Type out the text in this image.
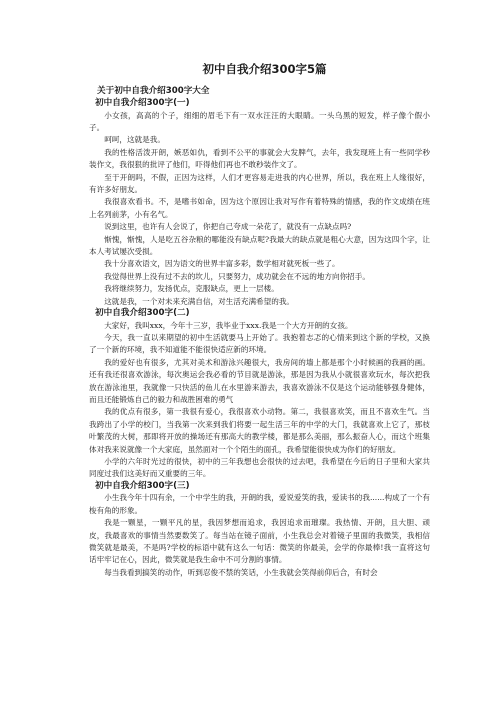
初中自我介绍300字5篇
关于初中自我介绍300字大全
初中自我介绍300字(一)

小女孩，高高的个子，细细的眉毛下有一双水汪汪的大眼睛。一头乌黑的短发，样子像个假小子。

呵呵，这就是我。

我的性格活泼开朗，嫉恶如仇，看到不公平的事就会大发脾气，去年，我发现班上有一些同学秒装作文，我很狠的批评了他们，吓得他们再也不敢秒装作文了。

至于开朗吗，不假，正因为这样，人们才更容易走进我的内心世界，所以，我在班上人缘很好，有许多好朋友。

我很喜欢看书。不，是嗜书如命，因为这个原因让我对写作有着特殊的情感，我的作文成绩在班上名列前茅，小有名气。

说到这里，也许有人会说了，你把自己夸成一朵花了，就没有一点缺点吗?

惭愧，惭愧，人是吃五谷杂粮的哪能没有缺点呢?我最大的缺点就是粗心大意，因为这四个字，让本人考试屡次受损。

我十分喜欢语文，因为语文的世界丰富多彩，数学相对就死板一些了。

我觉得世界上没有过不去的坎儿，只要努力，成功就会在不远的地方向你招手。

我将继续努力，发扬优点，克服缺点，更上一层楼。

这就是我，一个对未来充满自信，对生活充满希望的我。

初中自我介绍300字(二)

大家好，我叫xxx，今年十三岁，我毕业于xxx.我是一个大方开朗的女孩。

今天，我一直以来期望的初中生活就要马上开始了。我抱着志忑的心情来到这个新的学校，又换了一个新的环境，我不知道能不能很快适应新的环境。

我的爱好也有很多，尤其对美术和游泳兴趣很大，我房间的墙上都是那个小时候画的我画的画。还有我还很喜欢游泳，每次奥运会我必看的节目就是游泳，那是因为我从小就很喜欢玩水，每次把我放在游泳池里，我就像一只快活的鱼儿在水里游来游去，我喜欢游泳不仅是这个运动能够强身健体，而且还能锻炼自己的毅力和战胜困难的勇气

我的优点有很多，第一我很有爱心，我很喜欢小动物。第二，我很喜欢笑，而且不喜欢生气。当我跨出了小学的校门，当我第一次来到我们将要一起生活三年的中学的大门，我就喜欢上它了，那枝叶繁茂的大树，那即将开放的操场还有那高大的教学楼，都是那么美丽，那么振奋人心，而这个班集体对我来说就像一个大家庭，虽然面对一个个陌生的面孔，我希望能很快成为你们的好朋友。

小学的六年时光过的很快，初中的三年我想也会很快的过去吧，我希望在今后的日子里和大家共同度过我们这美好而又重要的三年。

初中自我介绍300字(三)

小生我今年十四有余，一个中学生的我，开朗的我，爱说爱笑的我，爱读书的我......构成了一个有梭有角的形象。

我是一颗星，一颗平凡的星，我因梦想而追求，我因追求而璀璨。我热情、开朗，且大胆、顽皮，我最喜欢的事情当然要数笑了。每当站在镜子面前，小生我总会对着镜子里面的我微笑，我相信微笑就是最美，不是吗?学校的标语中就有这么一句话：微笑的你最美，会学的你最棒!我一直将这句话牢牢记在心，因此，微笑就是我生命中不可分割的事情。

每当我看到搞笑的动作，听到忍俊不禁的笑话，小生我就会笑得前仰后合，有时会
